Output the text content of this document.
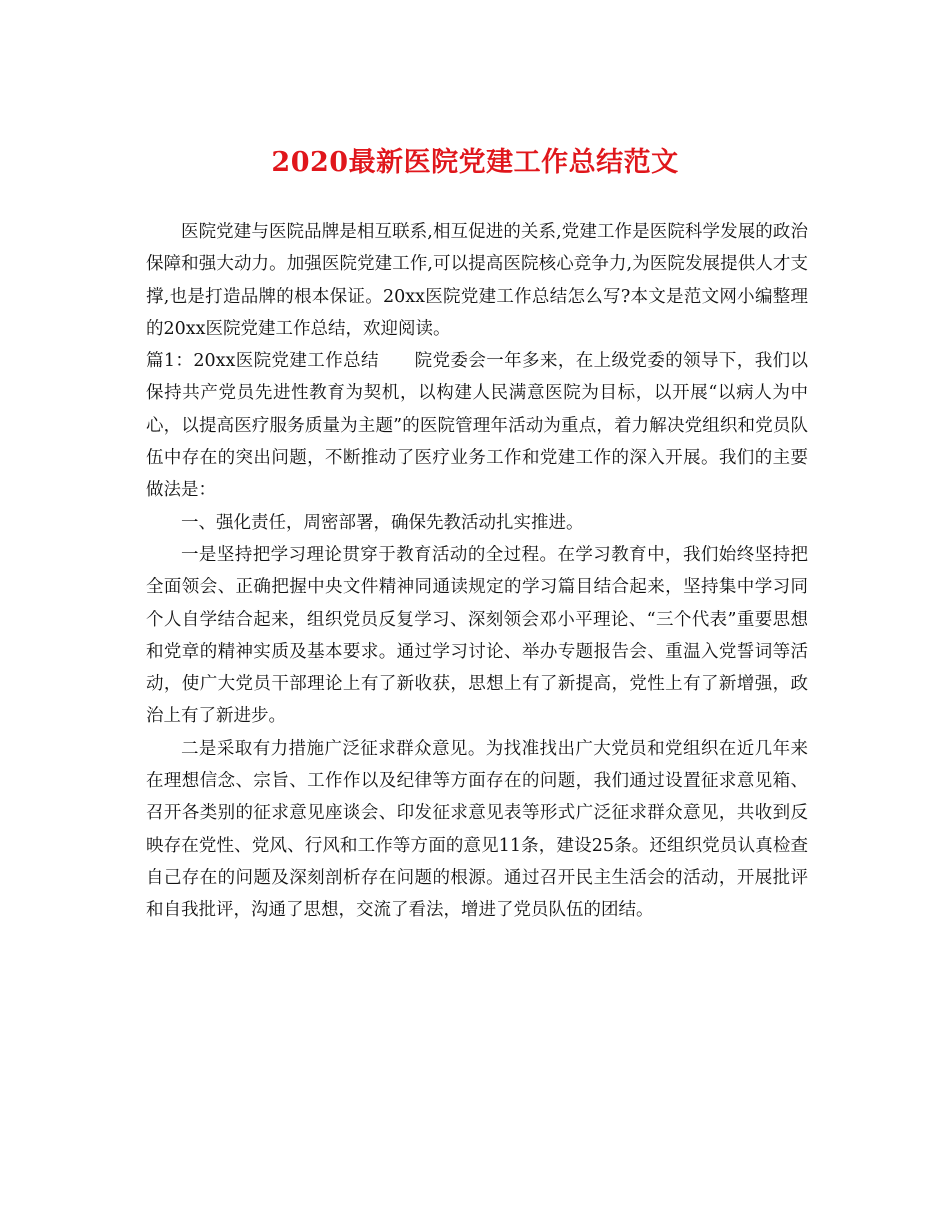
2020最新医院党建工作总结范文

医院党建与医院品牌是相互联系,相互促进的关系,党建工作是医院科学发展的政治保障和强大动力。加强医院党建工作,可以提高医院核心竞争力,为医院发展提供人才支撑,也是打造品牌的根本保证。20xx医院党建工作总结怎么写?本文是范文网小编整理的20xx医院党建工作总结，欢迎阅读。

篇1：20xx医院党建工作总结　　院党委会一年多来，在上级党委的领导下，我们以保持共产党员先进性教育为契机，以构建人民满意医院为目标，以开展“以病人为中心，以提高医疗服务质量为主题”的医院管理年活动为重点，着力解决党组织和党员队伍中存在的突出问题，不断推动了医疗业务工作和党建工作的深入开展。我们的主要做法是：

一、强化责任，周密部署，确保先教活动扎实推进。

一是坚持把学习理论贯穿于教育活动的全过程。在学习教育中，我们始终坚持把全面领会、正确把握中央文件精神同通读规定的学习篇目结合起来，坚持集中学习同个人自学结合起来，组织党员反复学习、深刻领会邓小平理论、“三个代表”重要思想和党章的精神实质及基本要求。通过学习讨论、举办专题报告会、重温入党誓词等活动，使广大党员干部理论上有了新收获，思想上有了新提高，党性上有了新增强，政治上有了新进步。

二是采取有力措施广泛征求群众意见。为找准找出广大党员和党组织在近几年来在理想信念、宗旨、工作作以及纪律等方面存在的问题，我们通过设置征求意见箱、召开各类别的征求意见座谈会、印发征求意见表等形式广泛征求群众意见，共收到反映存在党性、党风、行风和工作等方面的意见11条，建设25条。还组织党员认真检查自己存在的问题及深刻剖析存在问题的根源。通过召开民主生活会的活动，开展批评和自我批评，沟通了思想，交流了看法，增进了党员队伍的团结。
